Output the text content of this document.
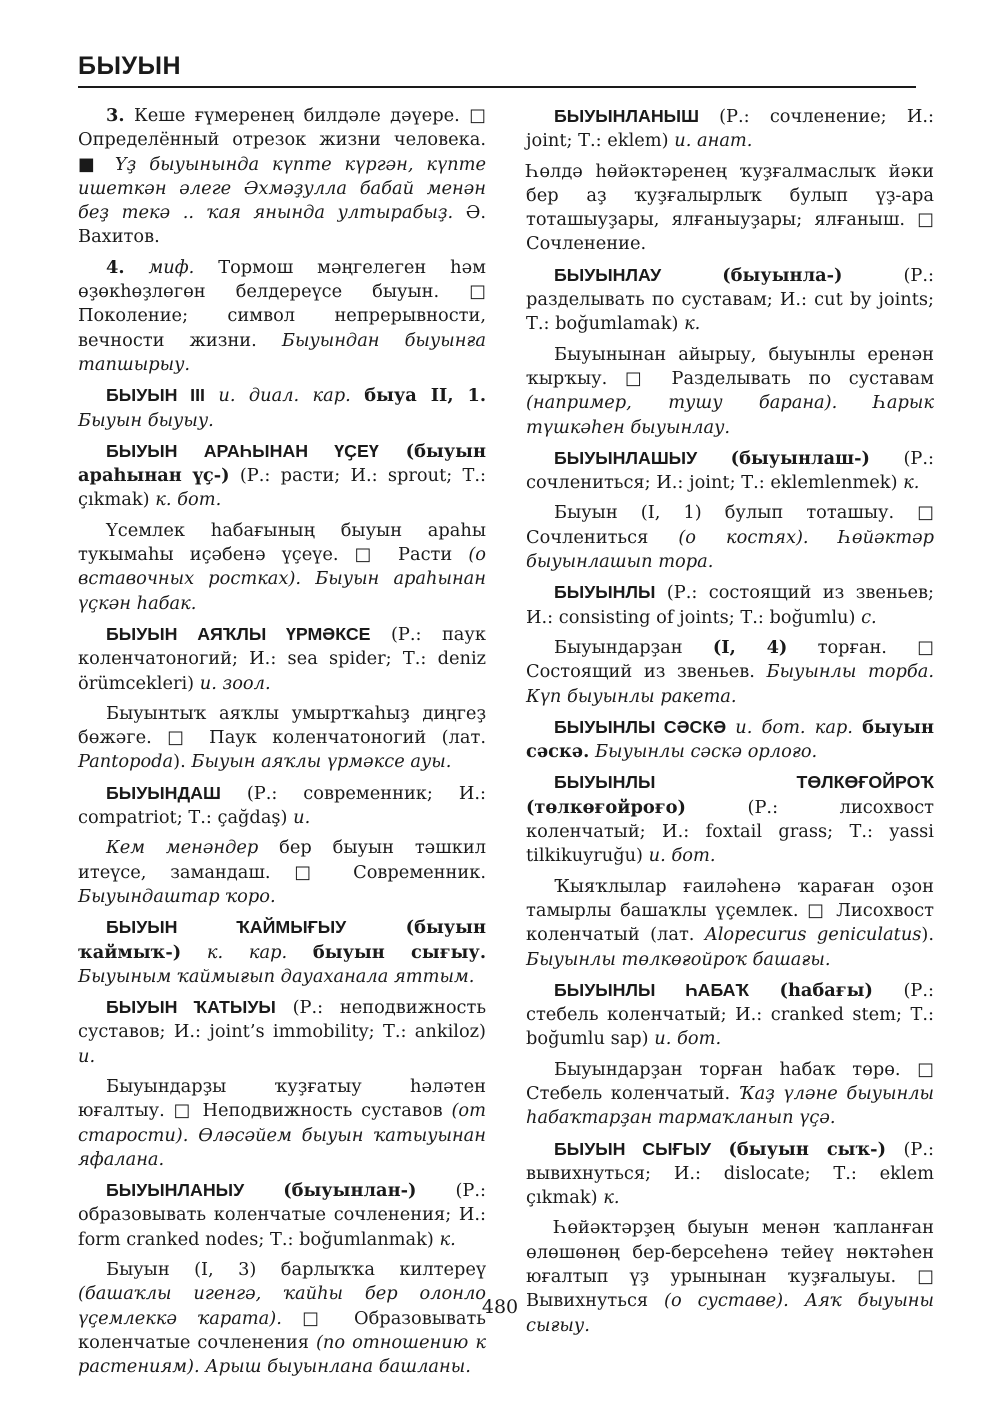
БЫУЫН

3. Кеше ғүмеренең билдәле дәүере. □ Определённый отрезок жизни человека. ■ Үҙ быуынында күпте күргән, күпте ишеткән әлеге Әхмәҙулла бабай менән беҙ текә .. ҡая янында ултырабыҙ. Ә. Вахитов.

4. миф. Тормош мәңгелеген һәм өҙөкһөҙлөгөн белдереүсе быуын. □ Поколение; символ непрерывности, вечности жизни. Быуындан быуынға тапшырыу.

БЫУЫН III и. диал. кар. быуа II, 1. Быуын быуыу.

БЫУЫН АРАҺЫНАН ҮҪЕҮ (быуын араһынан үҫ-) (Р.: расти; И.: sprout; Т.: çıkmak) к. бот.

Үсемлек һабағының быуын араһы тукымаһы иҫәбенә үҫеүе. □ Расти (о вставочных ростках). Быуын араһынан үҫкән һабак.

БЫУЫН АЯҠЛЫ ҮРМӘКСЕ (Р.: паук коленчатоногий; И.: sea spider; Т.: deniz örümcekleri) и. зоол.

Быуынтыҡ аяҡлы умыртҡаһыҙ диңгеҙ бөжәге. □ Паук коленчатоногий (лат. Pantopoda). Быуын аяҡлы үрмәксе ауы.

БЫУЫНДАШ (Р.: современник; И.: compatriot; Т.: çağdaş) и.

Кем менәндер бер быуын тәшкил итеүсе, замандаш. □ Современник. Быуындаштар ҡоро.

БЫУЫН ҠАЙМЫҒЫУ	(быуын ҡаймыҡ-) к. кар. быуын сығыу. Быуыным ҡаймығып дауаханала яттым.

БЫУЫН ҠАТЫУЫ (Р.: неподвижность суставов; И.: joint’s immobility; Т.: ankiloz) и.

Быуындарҙы ҡуҙғатыу һәләтен юғалтыу. □ Неподвижность суставов (от старости). Өләсәйем быуын ҡатыуынан яфалана.

БЫУЫНЛАНЫУ (быуынлан-) (Р.: образовывать коленчатые сочленения; И.: form cranked nodes; Т.: boğumlanmak) к.

Быуын (I, 3) барлыҡҡа килтереү (башаҡлы игенгә, ҡайһы бер олонло үҫемлеккә ҡарата). □ Образовывать коленчатые сочленения (по отношению к растениям). Арыш быуынлана башланы.

БЫУЫНЛАНЫШ (Р.: сочленение; И.: joint; Т.: eklem) и. анат.

Һөлдә һөйәктәренең ҡуҙғалмаслыҡ йәки бер аҙ ҡуҙғалырлыҡ булып үҙ-ара тоташыуҙары, ялғаныуҙары; ялғаныш. □ Сочленение.

БЫУЫНЛАУ	(быуынла-) (Р.: разделывать по суставам; И.: cut by joints; Т.: boğumlamak) к.

Быуынынан айырыу, быуынлы еренән ҡырҡыу. □ Разделывать по суставам (например, тушу барана). Һарык түшкәһен быуынлау.

БЫУЫНЛАШЫУ (быуынлаш-) (Р.: сочлениться; И.: joint; Т.: eklemlenmek) к.

Быуын (I, 1) булып тоташыу. □ Сочлениться (о костях). Һөйәктәр быуынлашып тора.

БЫУЫНЛЫ (Р.: состоящий из звеньев; И.: consisting of joints; Т.: boğumlu) с.

Быуындарҙан (I, 4) торған. □ Состоящий из звеньев. Быуынлы торба. Күп быуынлы ракета.

БЫУЫНЛЫ СӘСКӘ и. бот. кар. быуын сәскә. Быуынлы сәскә орлоғо.

БЫУЫНЛЫ ТӨЛКӨҒОЙРОҠ (төлкөғойроғо) (Р.: лисохвост коленчатый; И.: foxtail grass; Т.: yassi tilkikuyruğu) и. бот.

Ҡыяҡлылар ғаиләһенә ҡараған оҙон тамырлы башаҡлы үҫемлек. □ Лисохвост коленчатый (лат. Alopecurus geniculatus). Быуынлы төлкөғойроҡ башағы.

БЫУЫНЛЫ ҺАБАҠ (һабағы) (Р.: стебель коленчатый; И.: cranked stem; Т.: boğumlu sap) и. бот.

Быуындарҙан торған һабаҡ төрө. □ Стебель коленчатый. Ҡаҙ үләне быуынлы һабаҡтарҙан тармаҡланып үҫә.

БЫУЫН СЫҒЫУ (быуын сыҡ-) (Р.: вывихнуться; И.: dislocate; Т.: eklem çıkmak) к.

Һөйәктәрҙең быуын менән ҡапланған өлөшөнөң бер-берсеһенә тейеү нөктәһен юғалтып үҙ урынынан ҡуҙғалыуы. □ Вывихнуться (о суставе). Аяҡ быуыны сығыу.

480
